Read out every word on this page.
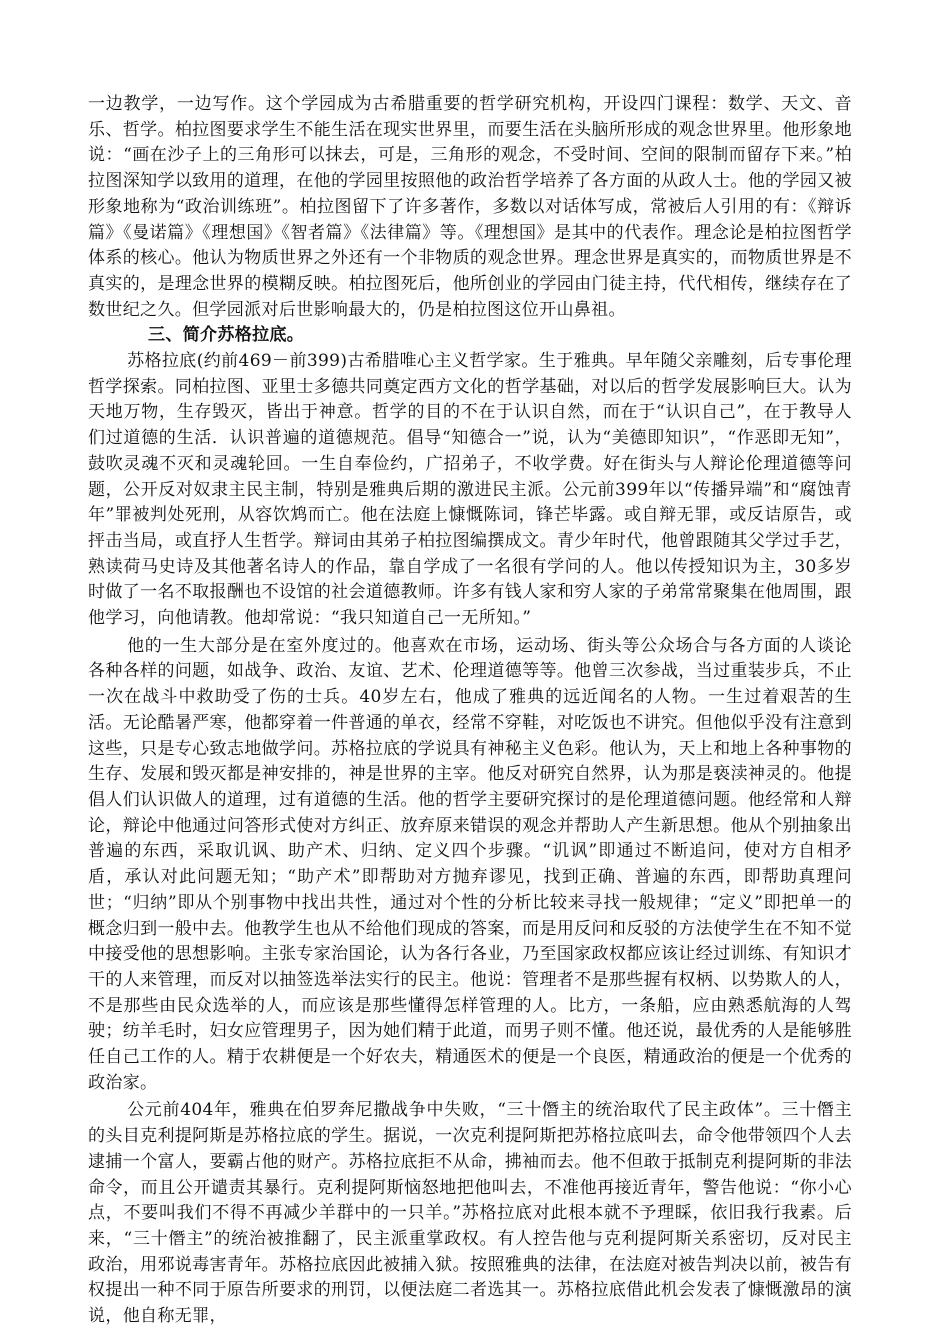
一边教学，一边写作。这个学园成为古希腊重要的哲学研究机构，开设四门课程：数学、天文、音乐、哲学。柏拉图要求学生不能生活在现实世界里，而要生活在头脑所形成的观念世界里。他形象地说：“画在沙子上的三角形可以抹去，可是，三角形的观念，不受时间、空间的限制而留存下来。”柏拉图深知学以致用的道理，在他的学园里按照他的政治哲学培养了各方面的从政人士。他的学园又被形象地称为“政治训练班”。柏拉图留下了许多著作，多数以对话体写成，常被后人引用的有：《辩诉篇》《曼诺篇》《理想国》《智者篇》《法律篇》等。《理想国》是其中的代表作。理念论是柏拉图哲学体系的核心。他认为物质世界之外还有一个非物质的观念世界。理念世界是真实的，而物质世界是不真实的，是理念世界的模糊反映。柏拉图死后，他所创业的学园由门徒主持，代代相传，继续存在了数世纪之久。但学园派对后世影响最大的，仍是柏拉图这位开山鼻祖。

三、简介苏格拉底。

苏格拉底(约前469－前399)古希腊唯心主义哲学家。生于雅典。早年随父亲雕刻，后专事伦理哲学探索。同柏拉图、亚里士多德共同奠定西方文化的哲学基础，对以后的哲学发展影响巨大。认为天地万物，生存毁灭，皆出于神意。哲学的目的不在于认识自然，而在于“认识自己”，在于教导人们过道德的生活．认识普遍的道德规范。倡导“知德合一”说，认为“美德即知识”，“作恶即无知”，鼓吹灵魂不灭和灵魂轮回。一生自奉俭约，广招弟子，不收学费。好在街头与人辩论伦理道德等问题，公开反对奴隶主民主制，特别是雅典后期的激进民主派。公元前399年以“传播异端”和“腐蚀青年”罪被判处死刑，从容饮鸩而亡。他在法庭上慷慨陈词，锋芒毕露。或自辩无罪，或反诘原告，或抨击当局，或直抒人生哲学。辩词由其弟子柏拉图编撰成文。青少年时代，他曾跟随其父学过手艺，熟读荷马史诗及其他著名诗人的作品，靠自学成了一名很有学问的人。他以传授知识为主，30多岁时做了一名不取报酬也不设馆的社会道德教师。许多有钱人家和穷人家的子弟常常聚集在他周围，跟他学习，向他请教。他却常说：“我只知道自己一无所知。”

他的一生大部分是在室外度过的。他喜欢在市场，运动场、街头等公众场合与各方面的人谈论各种各样的问题，如战争、政治、友谊、艺术、伦理道德等等。他曾三次参战，当过重装步兵，不止一次在战斗中救助受了伤的士兵。40岁左右，他成了雅典的远近闻名的人物。一生过着艰苦的生活。无论酷暑严寒，他都穿着一件普通的单衣，经常不穿鞋，对吃饭也不讲究。但他似乎没有注意到这些，只是专心致志地做学问。苏格拉底的学说具有神秘主义色彩。他认为，天上和地上各种事物的生存、发展和毁灭都是神安排的，神是世界的主宰。他反对研究自然界，认为那是亵渎神灵的。他提倡人们认识做人的道理，过有道德的生活。他的哲学主要研究探讨的是伦理道德问题。他经常和人辩论，辩论中他通过问答形式使对方纠正、放弃原来错误的观念并帮助人产生新思想。他从个别抽象出普遍的东西，采取讥讽、助产术、归纳、定义四个步骤。“讥讽”即通过不断追问，使对方自相矛盾，承认对此问题无知；“助产术”即帮助对方抛弃谬见，找到正确、普遍的东西，即帮助真理问世；“归纳”即从个别事物中找出共性，通过对个性的分析比较来寻找一般规律；“定义”即把单一的概念归到一般中去。他教学生也从不给他们现成的答案，而是用反问和反驳的方法使学生在不知不觉中接受他的思想影响。主张专家治国论，认为各行各业，乃至国家政权都应该让经过训练、有知识才干的人来管理，而反对以抽签选举法实行的民主。他说：管理者不是那些握有权柄、以势欺人的人，不是那些由民众选举的人，而应该是那些懂得怎样管理的人。比方，一条船，应由熟悉航海的人驾驶；纺羊毛时，妇女应管理男子，因为她们精于此道，而男子则不懂。他还说，最优秀的人是能够胜任自己工作的人。精于农耕便是一个好农夫，精通医术的便是一个良医，精通政治的便是一个优秀的政治家。

公元前404年，雅典在伯罗奔尼撒战争中失败，“三十僭主的统治取代了民主政体”。三十僭主的头目克利提阿斯是苏格拉底的学生。据说，一次克利提阿斯把苏格拉底叫去，命令他带领四个人去逮捕一个富人，要霸占他的财产。苏格拉底拒不从命，拂袖而去。他不但敢于抵制克利提阿斯的非法命令，而且公开谴责其暴行。克利提阿斯恼怒地把他叫去，不准他再接近青年，警告他说：“你小心点，不要叫我们不得不再减少羊群中的一只羊。”苏格拉底对此根本就不予理睬，依旧我行我素。后来，“三十僭主”的统治被推翻了，民主派重掌政权。有人控告他与克利提阿斯关系密切，反对民主政治，用邪说毒害青年。苏格拉底因此被捕入狱。按照雅典的法律，在法庭对被告判决以前，被告有权提出一种不同于原告所要求的刑罚，以便法庭二者选其一。苏格拉底借此机会发表了慷慨激昂的演说，他自称无罪，
